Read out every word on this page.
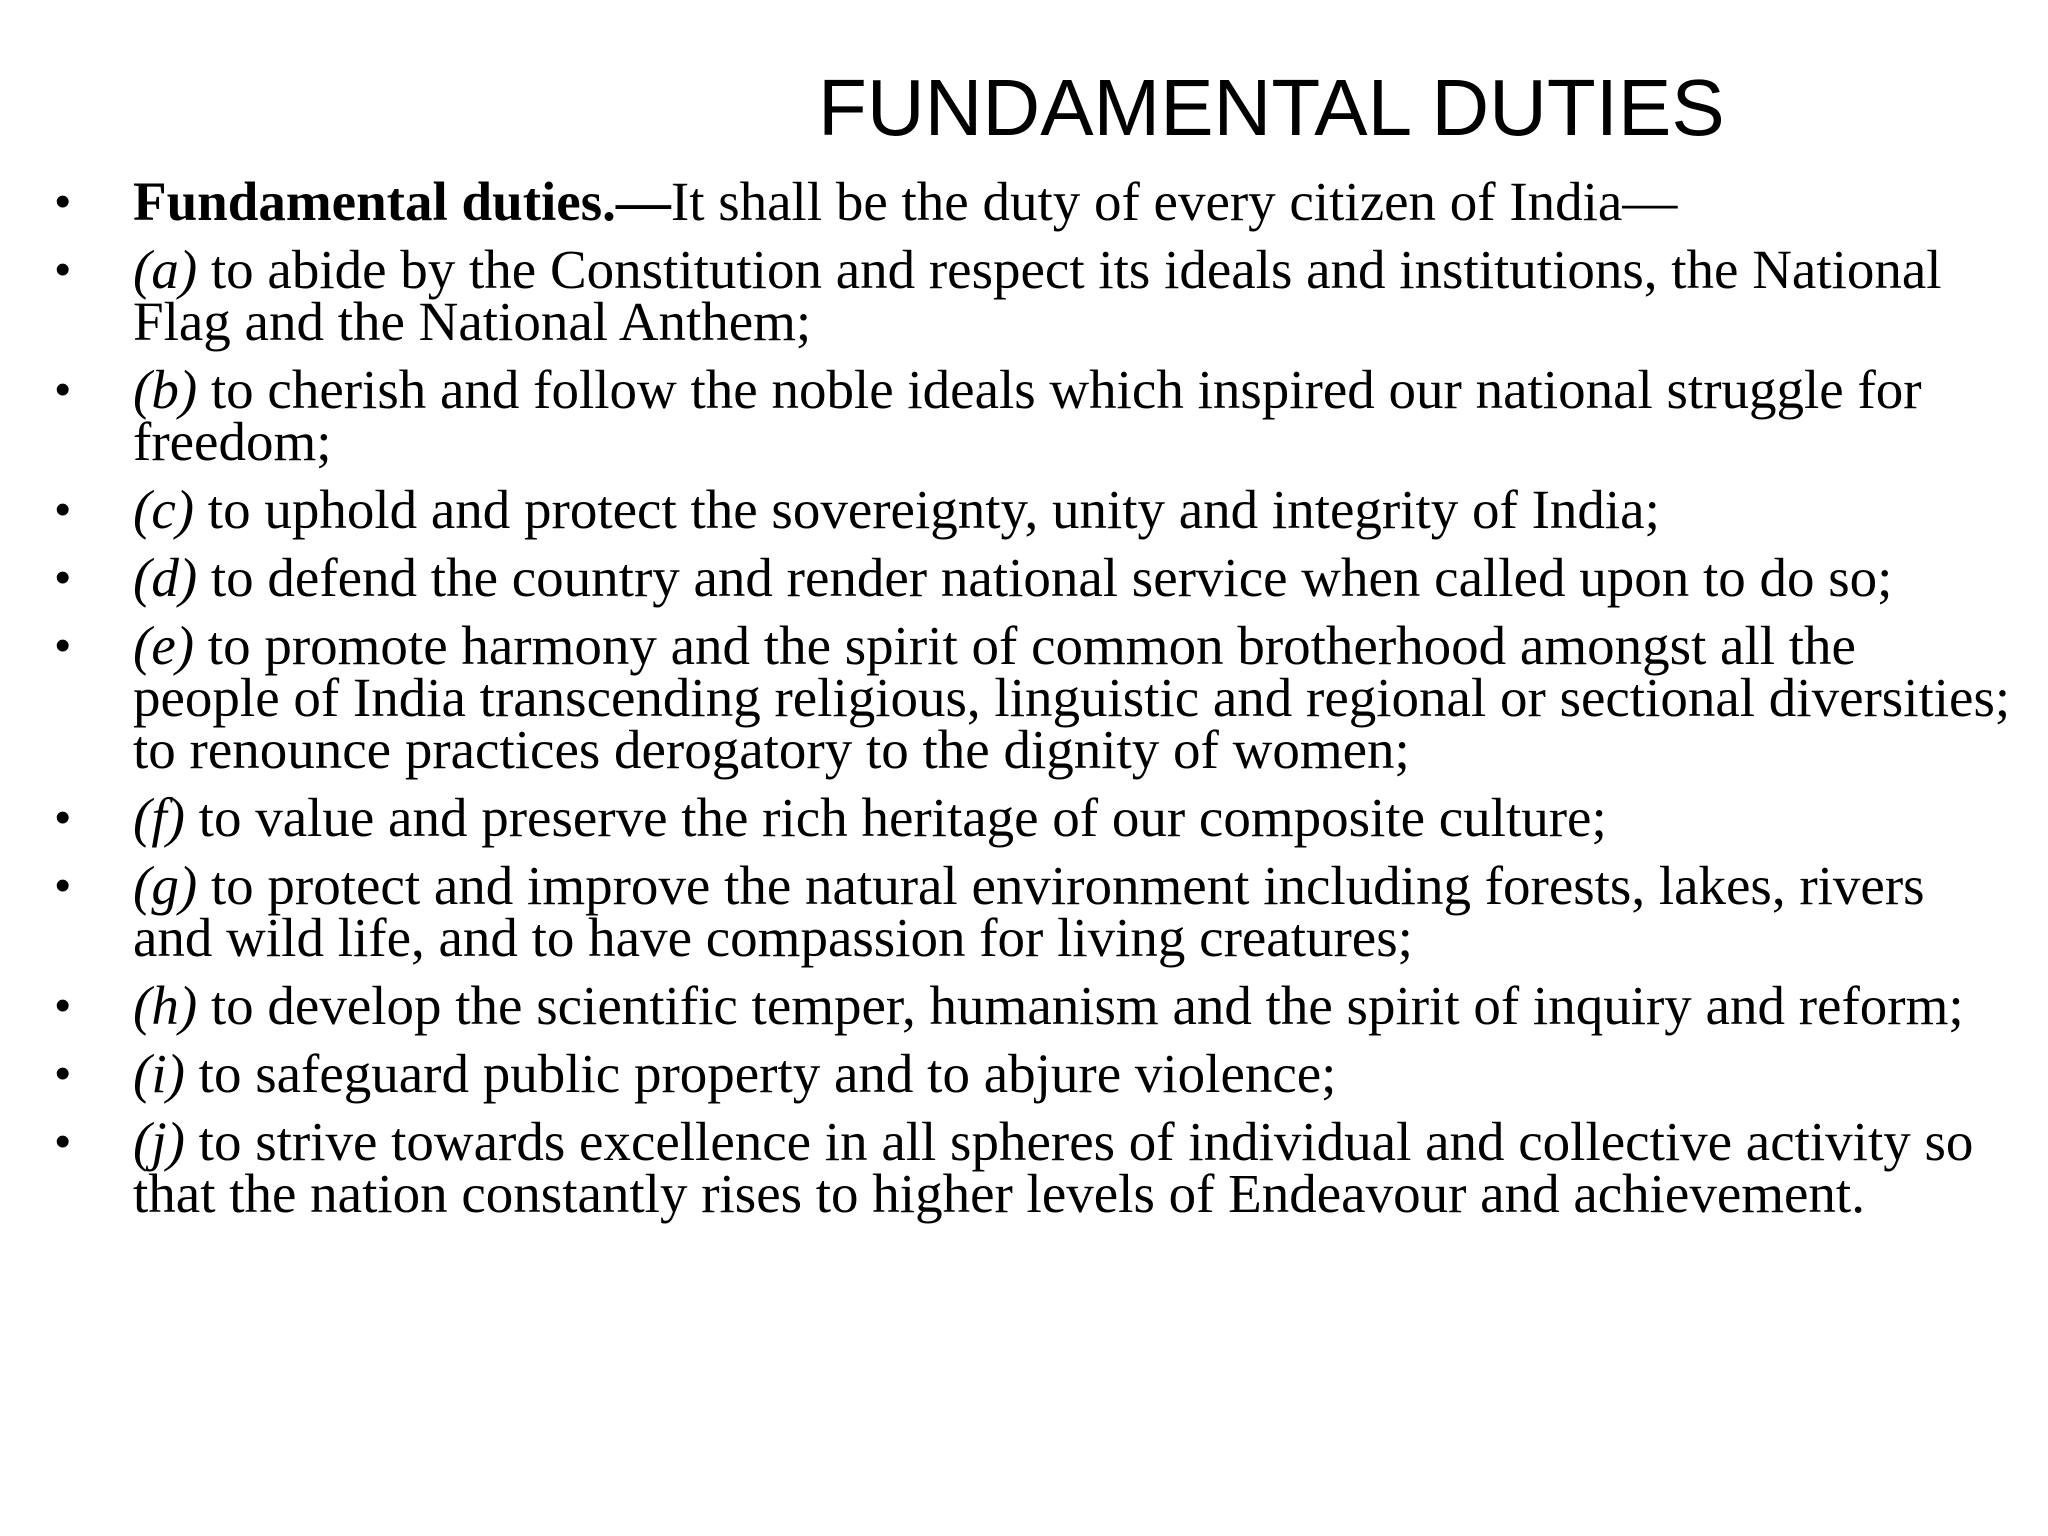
FUNDAMENTAL DUTIES
• Fundamental duties.—It shall be the duty of every citizen of India—
• (a) to abide by the Constitution and respect its ideals and institutions, the National Flag and the National Anthem;
• (b) to cherish and follow the noble ideals which inspired our national struggle for freedom;
• (c) to uphold and protect the sovereignty, unity and integrity of India;
• (d) to defend the country and render national service when called upon to do so;
• (e) to promote harmony and the spirit of common brotherhood amongst all the people of India transcending religious, linguistic and regional or sectional diversities; to renounce practices derogatory to the dignity of women;
• (f) to value and preserve the rich heritage of our composite culture;
• (g) to protect and improve the natural environment including forests, lakes, rivers and wild life, and to have compassion for living creatures;
• (h) to develop the scientific temper, humanism and the spirit of inquiry and reform;
• (i) to safeguard public property and to abjure violence;
• (j) to strive towards excellence in all spheres of individual and collective activity so that the nation constantly rises to higher levels of Endeavour and achievement.
